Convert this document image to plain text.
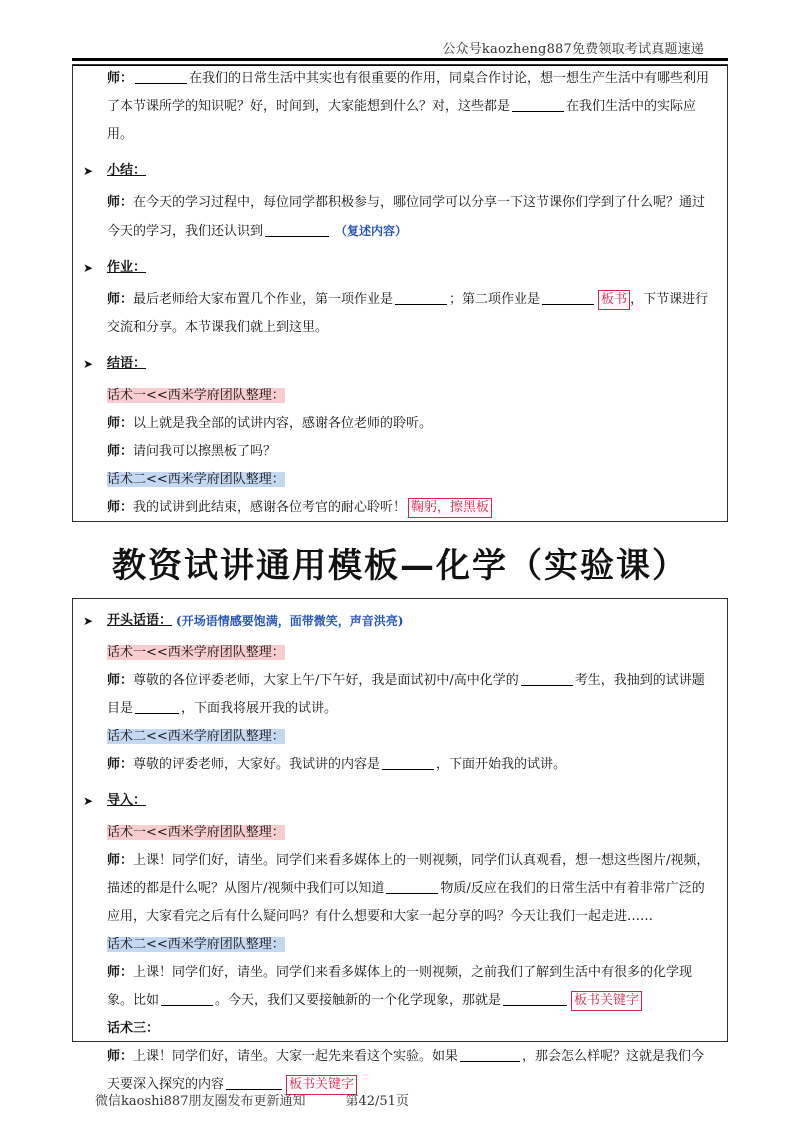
公众号kaozheng887免费领取考试真题速递

师：	在我们的日常生活中其实也有很重要的作用，同桌合作讨论，想一想生产生活中有哪些利用了本节课所学的知识呢？好，时间到，大家能想到什么？对，这些都是	在我们生活中的实际应用。

➤	小结：

师：在今天的学习过程中，每位同学都积极参与，哪位同学可以分享一下这节课你们学到了什么呢？通过今天的学习，我们还认识到	（复述内容）

➤	作业：

师：最后老师给大家布置几个作业，第一项作业是	；第二项作业是	板书 ，下节课进行交流和分享。本节课我们就上到这里。

➤	结语：

话术一<<西米学府团队整理：

师：以上就是我全部的试讲内容，感谢各位老师的聆听。

师：请问我可以擦黑板了吗？

话术二<<西米学府团队整理：

师：我的试讲到此结束，感谢各位考官的耐心聆听！ 鞠躬，擦黑板

教资试讲通用模板—化学（实验课）
➤	开头话语： (开场语情感要饱满，面带微笑，声音洪亮)

话术一<<西米学府团队整理：

师：尊敬的各位评委老师，大家上午/下午好，我是面试初中/高中化学的	考生，我抽到的试讲题目是	，下面我将展开我的试讲。

话术二<<西米学府团队整理：

师：尊敬的评委老师，大家好。我试讲的内容是	，下面开始我的试讲。

➤	导入：

话术一<<西米学府团队整理：

师：上课！同学们好，请坐。同学们来看多媒体上的一则视频，同学们认真观看，想一想这些图片/视频，描述的都是什么呢？从图片/视频中我们可以知道	物质/反应在我们的日常生活中有着非常广泛的应用，大家看完之后有什么疑问吗？有什么想要和大家一起分享的吗？今天让我们一起走进……

话术二<<西米学府团队整理：

师：上课！同学们好，请坐。同学们来看多媒体上的一则视频，之前我们了解到生活中有很多的化学现象。比如	。今天，我们又要接触新的一个化学现象，那就是	板书关键字

话术三：

师：上课！同学们好，请坐。大家一起先来看这个实验。如果	，那会怎么样呢？这就是我们今天要深入探究的内容	板书关键字

微信kaoshi887朋友圈发布更新通知	第42/51页
